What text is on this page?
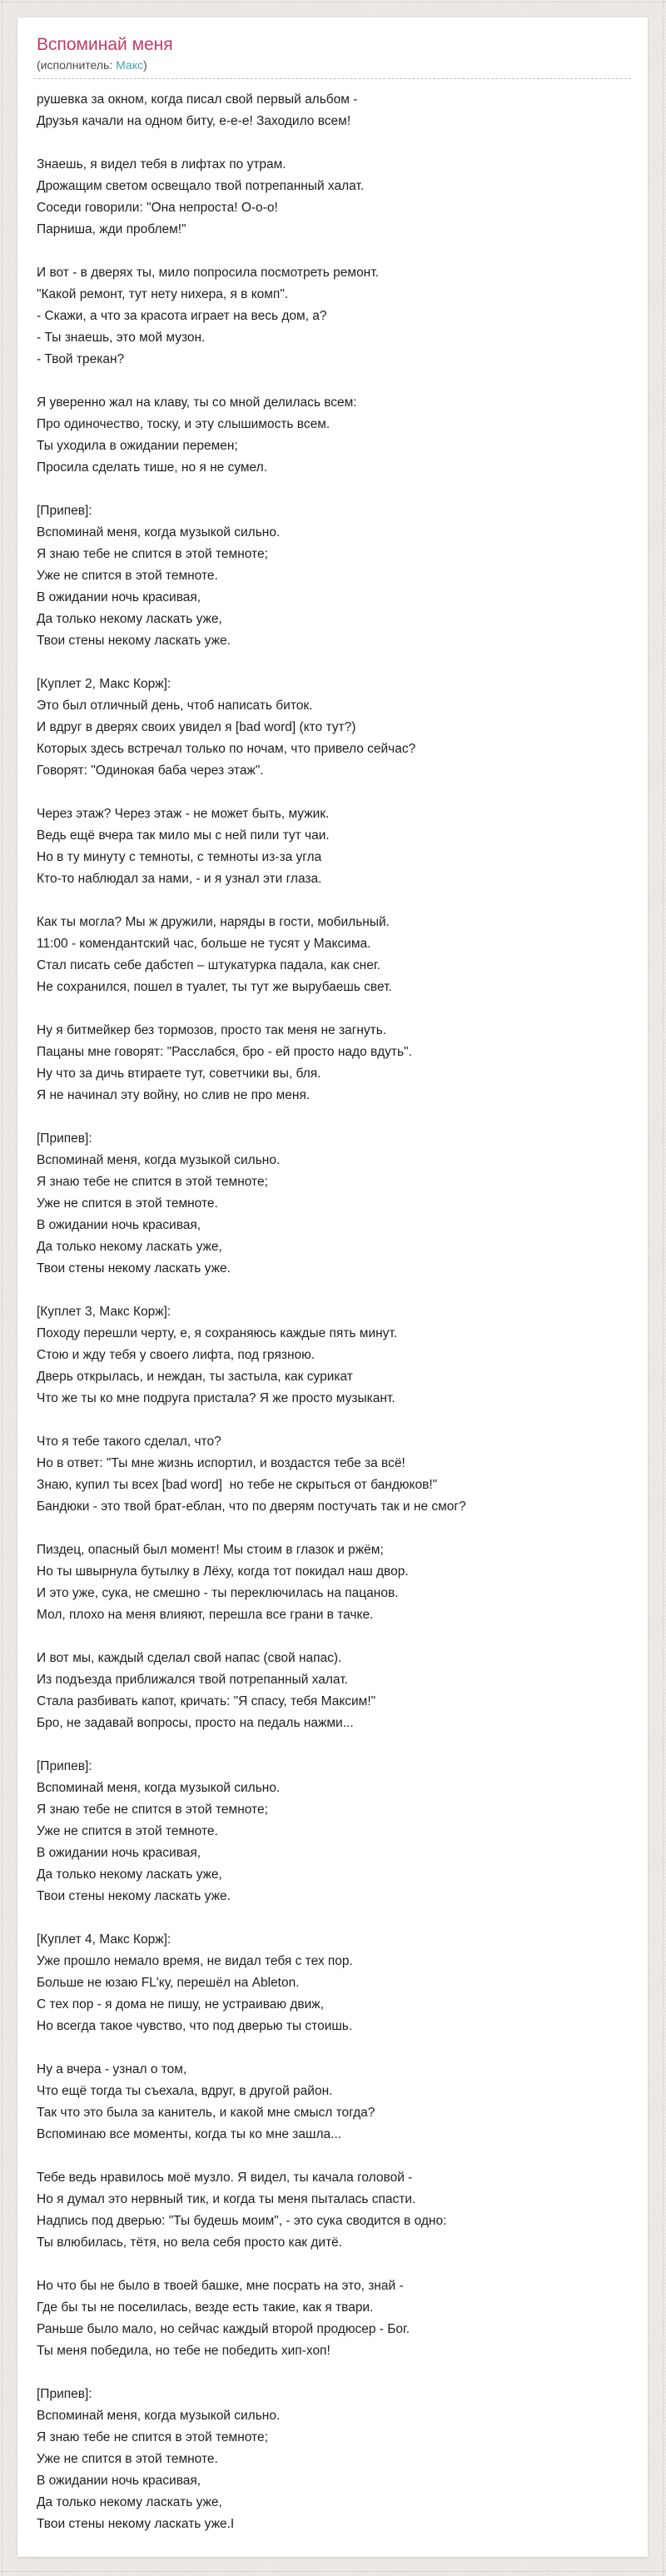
Вспоминай меня
(исполнитель: Макс)
рушевка за окном, когда писал свой первый альбом -
Друзья качали на одном биту, е-е-е! Заходило всем!
Знаешь, я видел тебя в лифтах по утрам.
Дрожащим светом освещало твой потрепанный халат.
Соседи говорили: "Она непроста! О-о-о!
Парниша, жди проблем!"
И вот - в дверях ты, мило попросила посмотреть ремонт.
"Какой ремонт, тут нету нихера, я в комп".
- Скажи, а что за красота играет на весь дом, а?
- Ты знаешь, это мой музон.
- Твой трекан?
Я уверенно жал на клаву, ты со мной делилась всем:
Про одиночество, тоску, и эту слышимость всем.
Ты уходила в ожидании перемен;
Просила сделать тише, но я не сумел.
[Припев]:
Вспоминай меня, когда музыкой сильно.
Я знаю тебе не спится в этой темноте;
Уже не спится в этой темноте.
В ожидании ночь красивая,
Да только некому ласкать уже,
Твои стены некому ласкать уже.
[Куплет 2, Макс Корж]:
Это был отличный день, чтоб написать биток.
И вдруг в дверях своих увидел я [bad word] (кто тут?)
Которых здесь встречал только по ночам, что привело сейчас?
Говорят: "Одинокая баба через этаж".
Через этаж? Через этаж - не может быть, мужик.
Ведь ещё вчера так мило мы с ней пили тут чаи.
Но в ту минуту с темноты, с темноты из-за угла
Кто-то наблюдал за нами, - и я узнал эти глаза.
Как ты могла? Мы ж дружили, наряды в гости, мобильный.
11:00 - комендантский час, больше не тусят у Максима.
Стал писать себе дабстеп – штукатурка падала, как снег.
Не сохранился, пошел в туалет, ты тут же вырубаешь свет.
Ну я битмейкер без тормозов, просто так меня не загнуть.
Пацаны мне говорят: "Расслабся, бро - ей просто надо вдуть".
Ну что за дичь втираете тут, советчики вы, бля.
Я не начинал эту войну, но слив не про меня.
[Припев]:
Вспоминай меня, когда музыкой сильно.
Я знаю тебе не спится в этой темноте;
Уже не спится в этой темноте.
В ожидании ночь красивая,
Да только некому ласкать уже,
Твои стены некому ласкать уже.
[Куплет 3, Макс Корж]:
Походу перешли черту, е, я сохраняюсь каждые пять минут.
Стою и жду тебя у своего лифта, под грязною.
Дверь открылась, и неждан, ты застыла, как сурикат
Что же ты ко мне подруга пристала? Я же просто музыкант.
Что я тебе такого сделал, что?
Но в ответ: "Ты мне жизнь испортил, и воздастся тебе за всё!
Знаю, купил ты всех [bad word]  но тебе не скрыться от бандюков!"
Бандюки - это твой брат-еблан, что по дверям постучать так и не смог?
Пиздец, опасный был момент! Мы стоим в глазок и ржём;
Но ты швырнула бутылку в Лёху, когда тот покидал наш двор.
И это уже, сука, не смешно - ты переключилась на пацанов.
Мол, плохо на меня влияют, перешла все грани в тачке.
И вот мы, каждый сделал свой напас (свой напас).
Из подъезда приближался твой потрепанный халат.
Стала разбивать капот, кричать: "Я спасу, тебя Максим!"
Бро, не задавай вопросы, просто на педаль нажми...
[Припев]:
Вспоминай меня, когда музыкой сильно.
Я знаю тебе не спится в этой темноте;
Уже не спится в этой темноте.
В ожидании ночь красивая,
Да только некому ласкать уже,
Твои стены некому ласкать уже.
[Куплет 4, Макс Корж]:
Уже прошло немало время, не видал тебя с тех пор.
Больше не юзаю FL'ку, перешёл на Ableton.
С тех пор - я дома не пишу, не устраиваю движ,
Но всегда такое чувство, что под дверью ты стоишь.
Ну а вчера - узнал о том,
Что ещё тогда ты съехала, вдруг, в другой район.
Так что это была за канитель, и какой мне смысл тогда?
Вспоминаю все моменты, когда ты ко мне зашла...
Тебе ведь нравилось моё музло. Я видел, ты качала головой -
Но я думал это нервный тик, и когда ты меня пыталась спасти.
Надпись под дверью: "Ты будешь моим", - это сука сводится в одно:
Ты влюбилась, тётя, но вела себя просто как дитё.
Но что бы не было в твоей башке, мне посрать на это, знай -
Где бы ты не поселилась, везде есть такие, как я твари.
Раньше было мало, но сейчас каждый второй продюсер - Бог.
Ты меня победила, но тебе не победить хип-хоп!
[Припев]:
Вспоминай меня, когда музыкой сильно.
Я знаю тебе не спится в этой темноте;
Уже не спится в этой темноте.
В ожидании ночь красивая,
Да только некому ласкать уже,
Твои стены некому ласкать уже.I
